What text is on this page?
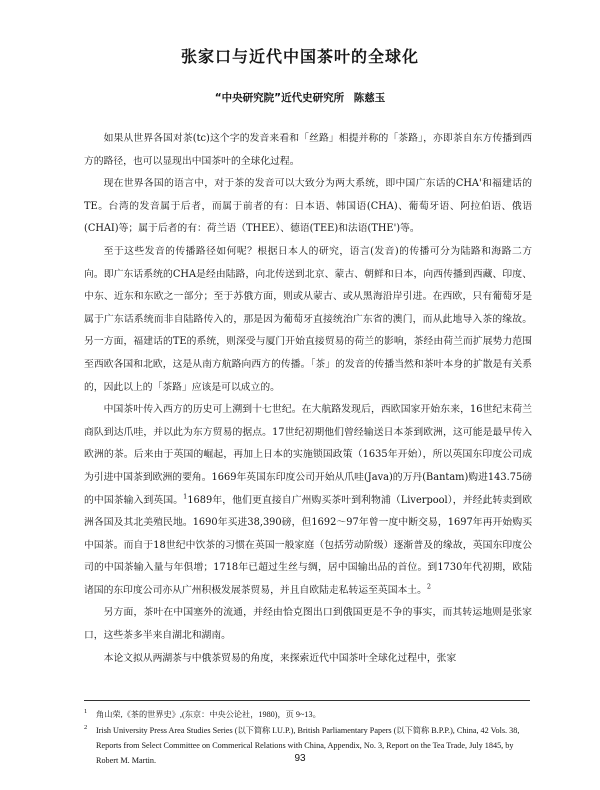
张家口与近代中国茶叶的全球化
“中央研究院”近代史研究所 陈慈玉

如果从世界各国对茶(tc)这个字的发音来看和「丝路」相提并称的「茶路」，亦即茶自东方传播到西方的路径，也可以显现出中国茶叶的全球化过程。

现在世界各国的语言中，对于茶的发音可以大致分为两大系统，即中国广东话的CHA'和福建话的TE。台湾的发音属于后者，而属于前者的有：日本语、韩国语(CHA)、葡萄牙语、阿拉伯语、俄语(CHAI)等；属于后者的有：荷兰语（THEE）、德语(TEE)和法语(THE')等。

至于这些发音的传播路径如何呢？根据日本人的研究，语言(发音)的传播可分为陆路和海路二方向。即广东话系统的CHA是经由陆路，向北传送到北京、蒙古、朝鲜和日本，向西传播到西藏、印度、中东、近东和东欧之一部分；至于苏俄方面，则或从蒙古、或从黑海沿岸引进。在西欧，只有葡萄牙是属于广东话系统而非自陆路传入的，那是因为葡萄牙直接统治广东省的澳门，而从此地导入茶的缘故。另一方面，福建话的TE的系统，则深受与厦门开始直接贸易的荷兰的影响，茶经由荷兰而扩展势力范围至西欧各国和北欧，这是从南方航路向西方的传播。「茶」的发音的传播当然和茶叶本身的扩散是有关系的，因此以上的「茶路」应该是可以成立的。

中国茶叶传入西方的历史可上溯到十七世纪。在大航路发现后，西欧国家开始东来，16世纪末荷兰商队到达爪哇，并以此为东方贸易的据点。17世纪初期他们曾经输送日本茶到欧洲，这可能是最早传入欧洲的茶。后来由于英国的崛起，再加上日本的实施锁国政策（1635年开始），所以英国东印度公司成为引进中国茶到欧洲的要角。1669年英国东印度公司开始从爪哇(Java)的万丹(Bantam)购进143.75磅的中国茶输入到英国。$^1$1689年，他们更直接自广州购买茶叶到利物浦（Liverpool），并经此转卖到欧洲各国及其北美殖民地。1690年买进38,390磅，但1692～97年曾一度中断交易，1697年再开始购买中国茶。而自于18世纪中饮茶的习惯在英国一般家庭（包括劳动阶级）逐渐普及的缘故，英国东印度公司的中国茶输入量与年俱增；1718年已超过生丝与绸，居中国输出品的首位。到1730年代初期，欧陆诸国的东印度公司亦从广州积极发展茶贸易，并且自欧陆走私转运至英国本土。$^2$

另方面，茶叶在中国塞外的流通，并经由恰克图出口到俄国更是不争的事实，而其转运地则是张家口，这些茶多半来自湖北和湖南。

本论文拟从两湖茶与中俄茶贸易的角度，来探索近代中国茶叶全球化过程中，张家

1 角山荣,《茶的世界史》,(东京：中央公论社，1980)，页 9~13。
2 Irish University Press Area Studies Series (以下简称 I.U.P.), British Parliamentary Papers (以下简称 B.P.P.), China, 42 Vols. 38, Reports from Select Committee on Commerical Relations with China, Appendix, No. 3, Report on the Tea Trade, July 1845, by Robert M. Martin.	93
